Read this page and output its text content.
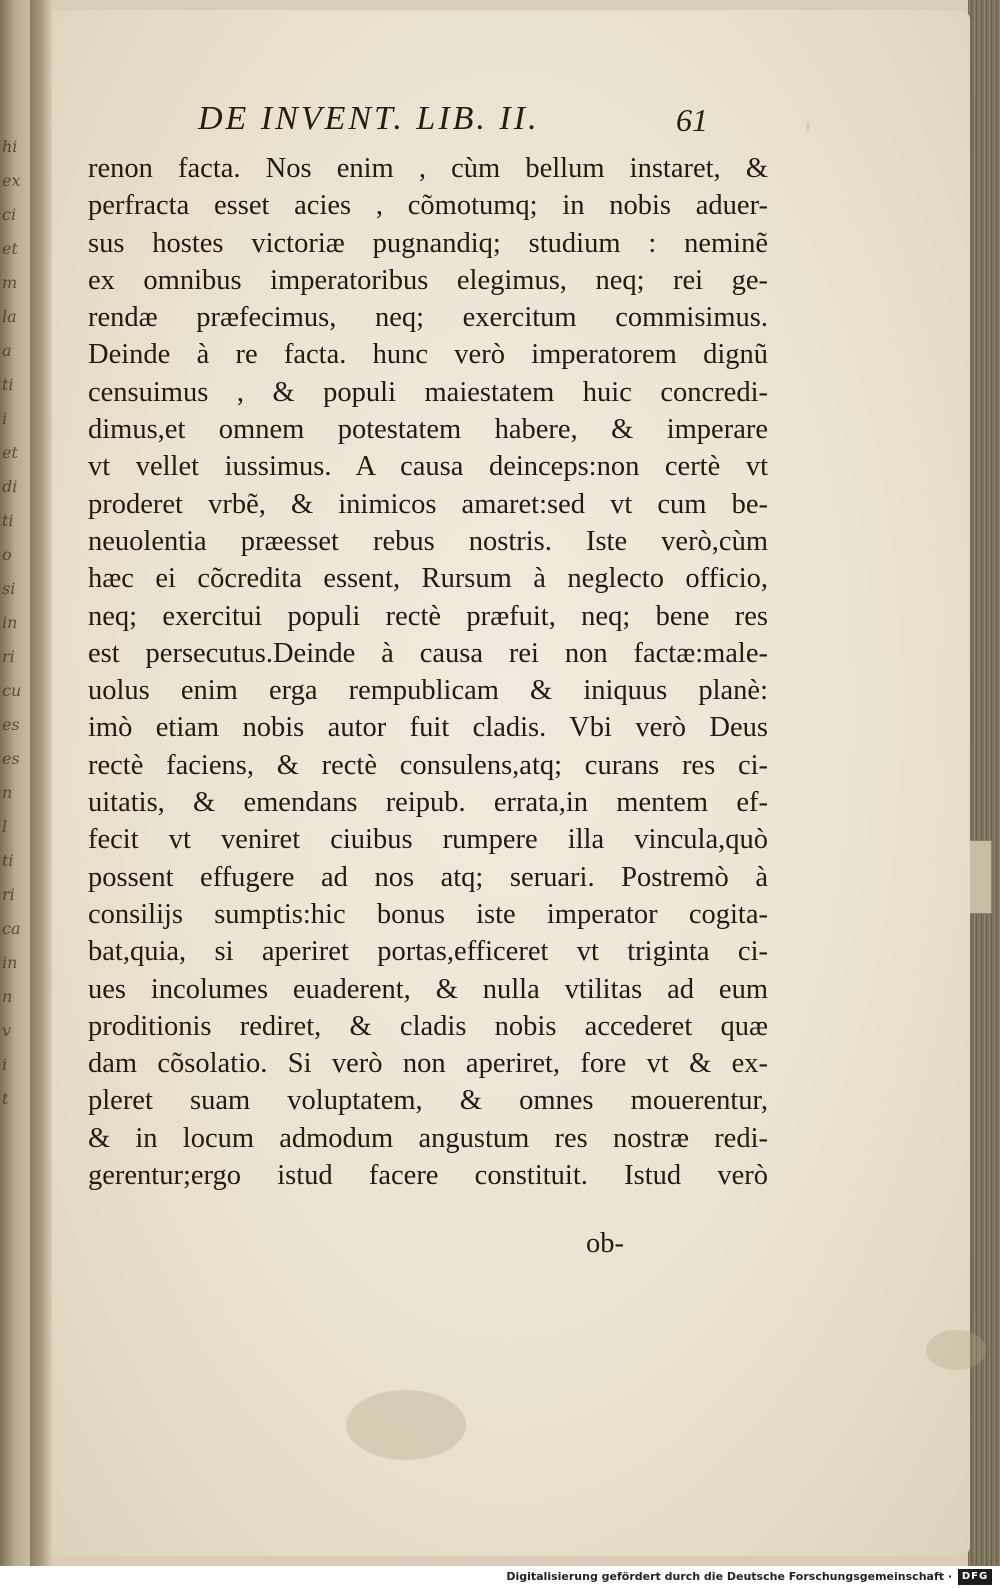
hi
ex
ci
et
m
la
a
ti
i
et
di
ti
o
si
in
ri
cu
es
es
n
l
ti
ri
ca
in
n
v
i
t
DE INVENT. LIB. II.	61
renon facta. Nos enim , cùm bellum instaret, &
perfracta esset acies , cõmotumq; in nobis aduer-
sus hostes victoriæ pugnandiq; studium : neminẽ
ex omnibus imperatoribus elegimus, neq; rei ge-
rendæ præfecimus, neq; exercitum commisimus.
Deinde à re facta. hunc verò imperatorem dignũ
censuimus , & populi maiestatem huic concredi-
dimus,et omnem potestatem habere, & imperare
vt vellet iussimus. A causa deinceps:non certè vt
proderet vrbẽ, & inimicos amaret:sed vt cum be-
neuolentia præesset rebus nostris. Iste verò,cùm
hæc ei cõcredita essent, Rursum à neglecto officio,
neq; exercitui populi rectè præfuit, neq; bene res
est persecutus.Deinde à causa rei non factæ:male-
uolus enim erga rempublicam & iniquus planè:
imò etiam nobis autor fuit cladis. Vbi verò Deus
rectè faciens, & rectè consulens,atq; curans res ci-
uitatis, & emendans reipub. errata,in mentem ef-
fecit vt veniret ciuibus rumpere illa vincula,quò
possent effugere ad nos atq; seruari. Postremò à
consilijs sumptis:hic bonus iste imperator cogita-
bat,quia, si aperiret portas,efficeret vt triginta ci-
ues incolumes euaderent, & nulla vtilitas ad eum
proditionis rediret, & cladis nobis accederet quæ
dam cõsolatio. Si verò non aperiret, fore vt & ex-
pleret suam voluptatem, & omnes mouerentur,
& in locum admodum angustum res nostræ redi-
gerentur;ergo istud facere constituit. Istud verò
ob-
Digitalisierung gefördert durch die Deutsche Forschungsgemeinschaft · DFG
